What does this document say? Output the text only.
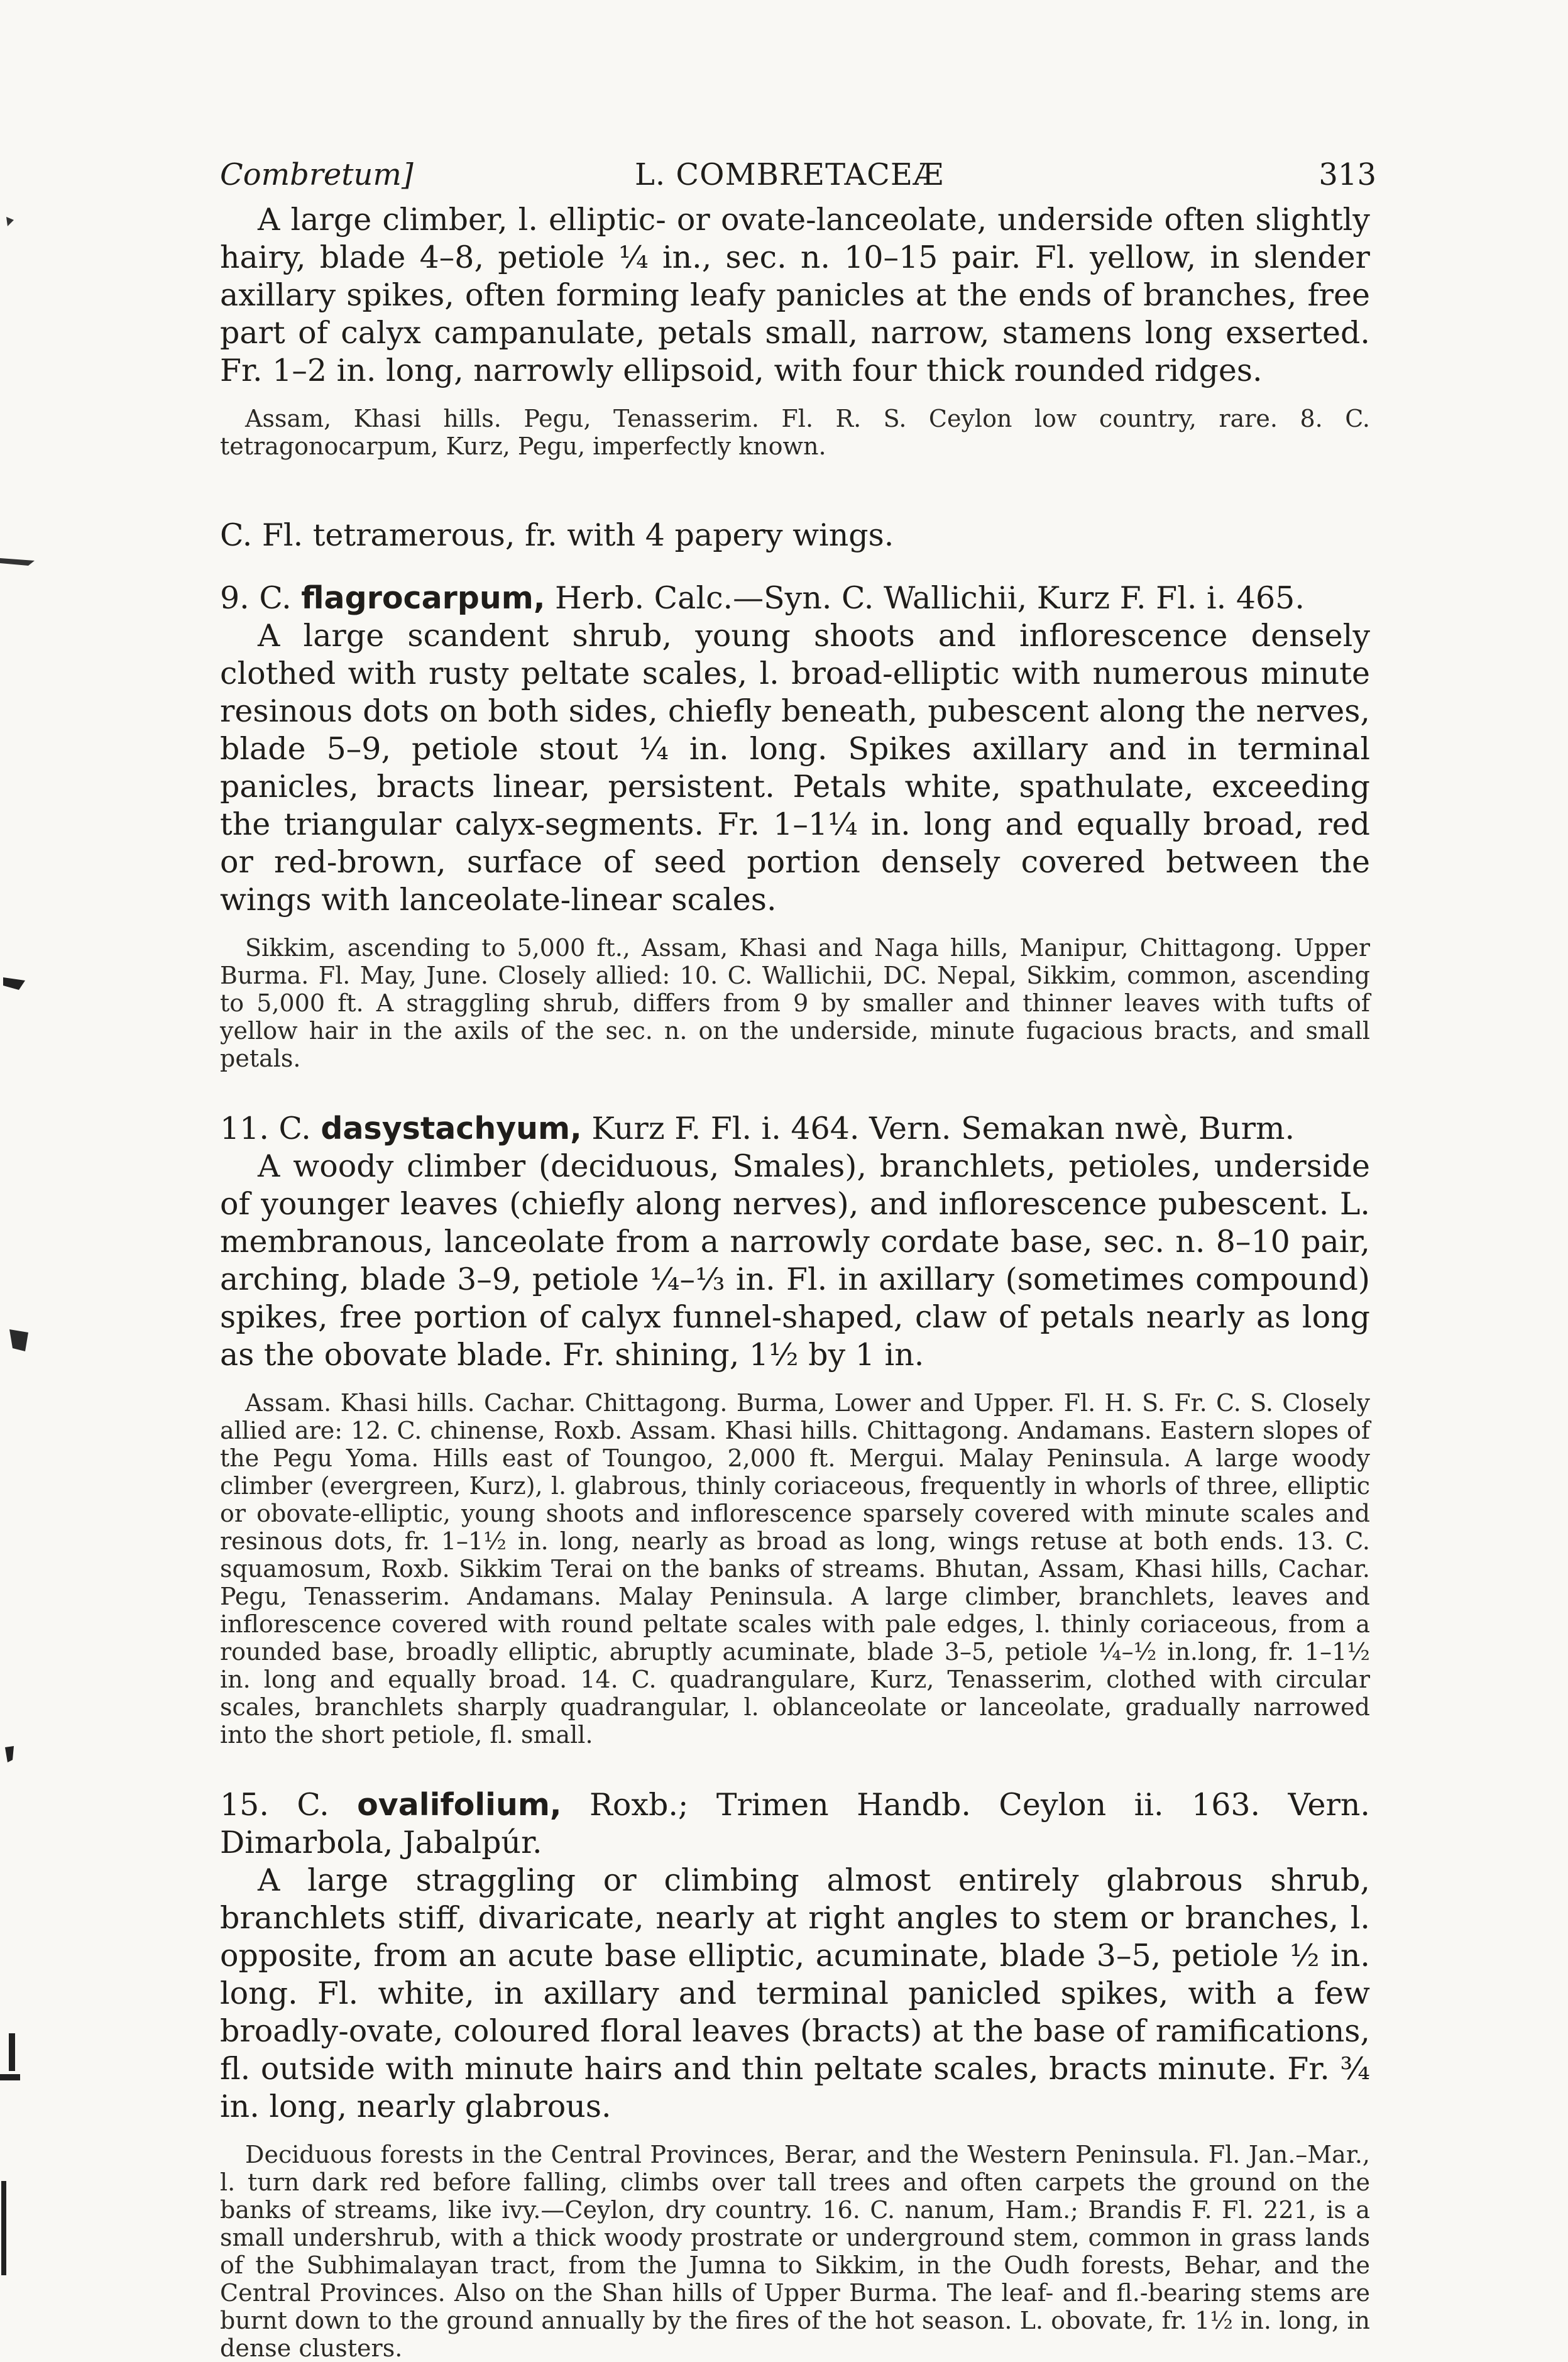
Combretum]	L. COMBRETACEÆ	313

A large climber, l. elliptic- or ovate-lanceolate, underside often slightly hairy, blade 4–8, petiole ¼ in., sec. n. 10–15 pair. Fl. yellow, in slender axillary spikes, often forming leafy panicles at the ends of branches, free part of calyx campanulate, petals small, narrow, stamens long exserted. Fr. 1–2 in. long, narrowly ellipsoid, with four thick rounded ridges.

Assam, Khasi hills. Pegu, Tenasserim. Fl. R. S. Ceylon low country, rare. 8. C. tetragonocarpum, Kurz, Pegu, imperfectly known.

C. Fl. tetramerous, fr. with 4 papery wings.

9. C. flagrocarpum, Herb. Calc.—Syn. C. Wallichii, Kurz F. Fl. i. 465.

A large scandent shrub, young shoots and inflorescence densely clothed with rusty peltate scales, l. broad-elliptic with numerous minute resinous dots on both sides, chiefly beneath, pubescent along the nerves, blade 5–9, petiole stout ¼ in. long. Spikes axillary and in terminal panicles, bracts linear, persistent. Petals white, spathulate, exceeding the triangular calyx-segments. Fr. 1–1¼ in. long and equally broad, red or red-brown, surface of seed portion densely covered between the wings with lanceolate-linear scales.

Sikkim, ascending to 5,000 ft., Assam, Khasi and Naga hills, Manipur, Chittagong. Upper Burma. Fl. May, June. Closely allied: 10. C. Wallichii, DC. Nepal, Sikkim, common, ascending to 5,000 ft. A straggling shrub, differs from 9 by smaller and thinner leaves with tufts of yellow hair in the axils of the sec. n. on the underside, minute fugacious bracts, and small petals.

11. C. dasystachyum, Kurz F. Fl. i. 464. Vern. Semakan nwè, Burm.

A woody climber (deciduous, Smales), branchlets, petioles, underside of younger leaves (chiefly along nerves), and inflorescence pubescent. L. membranous, lanceolate from a narrowly cordate base, sec. n. 8–10 pair, arching, blade 3–9, petiole ¼–⅓ in. Fl. in axillary (sometimes compound) spikes, free portion of calyx funnel-shaped, claw of petals nearly as long as the obovate blade. Fr. shining, 1½ by 1 in.

Assam. Khasi hills. Cachar. Chittagong. Burma, Lower and Upper. Fl. H. S. Fr. C. S. Closely allied are: 12. C. chinense, Roxb. Assam. Khasi hills. Chittagong. Andamans. Eastern slopes of the Pegu Yoma. Hills east of Toungoo, 2,000 ft. Mergui. Malay Peninsula. A large woody climber (evergreen, Kurz), l. glabrous, thinly coriaceous, frequently in whorls of three, elliptic or obovate-elliptic, young shoots and inflorescence sparsely covered with minute scales and resinous dots, fr. 1–1½ in. long, nearly as broad as long, wings retuse at both ends. 13. C. squamosum, Roxb. Sikkim Terai on the banks of streams. Bhutan, Assam, Khasi hills, Cachar. Pegu, Tenasserim. Andamans. Malay Peninsula. A large climber, branchlets, leaves and inflorescence covered with round peltate scales with pale edges, l. thinly coriaceous, from a rounded base, broadly elliptic, abruptly acuminate, blade 3–5, petiole ¼–½ in.long, fr. 1–1½ in. long and equally broad. 14. C. quadrangulare, Kurz, Tenasserim, clothed with circular scales, branchlets sharply quadrangular, l. oblanceolate or lanceolate, gradually narrowed into the short petiole, fl. small.

15. C. ovalifolium, Roxb.; Trimen Handb. Ceylon ii. 163. Vern. Dimarbola, Jabalpúr.

A large straggling or climbing almost entirely glabrous shrub, branchlets stiff, divaricate, nearly at right angles to stem or branches, l. opposite, from an acute base elliptic, acuminate, blade 3–5, petiole ½ in. long. Fl. white, in axillary and terminal panicled spikes, with a few broadly-ovate, coloured floral leaves (bracts) at the base of ramifications, fl. outside with minute hairs and thin peltate scales, bracts minute. Fr. ¾ in. long, nearly glabrous.

Deciduous forests in the Central Provinces, Berar, and the Western Peninsula. Fl. Jan.–Mar., l. turn dark red before falling, climbs over tall trees and often carpets the ground on the banks of streams, like ivy.—Ceylon, dry country. 16. C. nanum, Ham.; Brandis F. Fl. 221, is a small undershrub, with a thick woody prostrate or underground stem, common in grass lands of the Subhimalayan tract, from the Jumna to Sikkim, in the Oudh forests, Behar, and the Central Provinces. Also on the Shan hills of Upper Burma. The leaf- and fl.-bearing stems are burnt down to the ground annually by the fires of the hot season. L. obovate, fr. 1½ in. long, in dense clusters.
